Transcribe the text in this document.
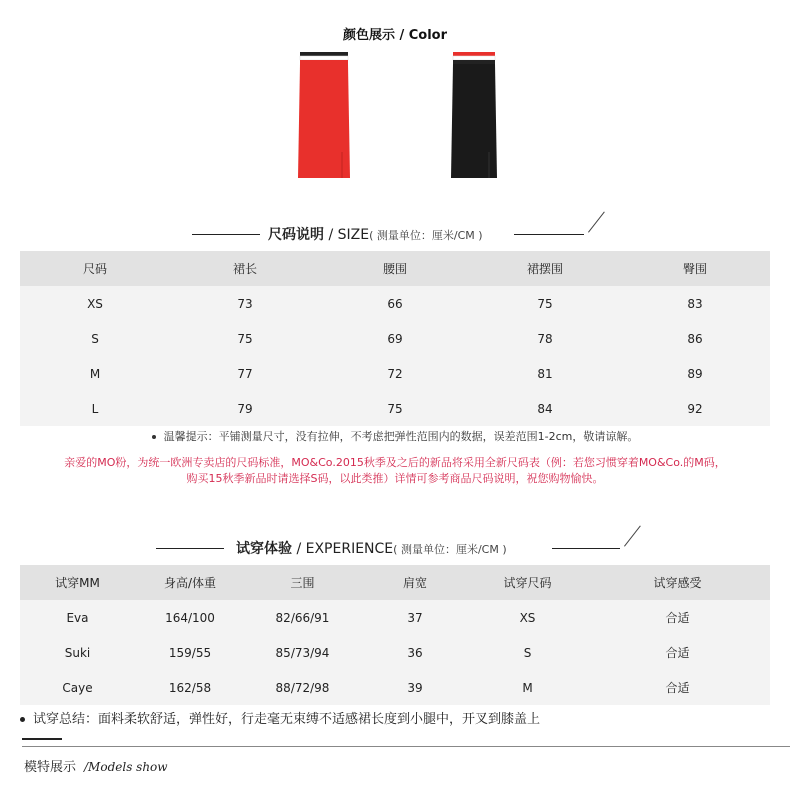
颜色展示 / Color
尺码说明 / SIZE( 测量单位：厘米/CM )
尺码	裙长	腰围	裙摆围	臀围
XS	73	66	75	83
S	75	69	78	86
M	77	72	81	89
L	79	75	84	92
温馨提示：平铺测量尺寸，没有拉伸，不考虑把弹性范围内的数据，误差范围1-2cm，敬请谅解。
亲爱的MO粉，为统一欧洲专卖店的尺码标准，MO&Co.2015秋季及之后的新品将采用全新尺码表（例：若您习惯穿着MO&Co.的M码，
购买15秋季新品时请选择S码，以此类推）详情可参考商品尺码说明，祝您购物愉快。
试穿体验 / EXPERIENCE( 测量单位：厘米/CM )
试穿MM	身高/体重	三围	肩宽	试穿尺码	试穿感受
Eva	164/100	82/66/91	37	XS	合适
Suki	159/55	85/73/94	36	S	合适
Caye	162/58	88/72/98	39	M	合适
试穿总结：面料柔软舒适，弹性好，行走毫无束缚不适感裙长度到小腿中，开叉到膝盖上
模特展示 /Models show
